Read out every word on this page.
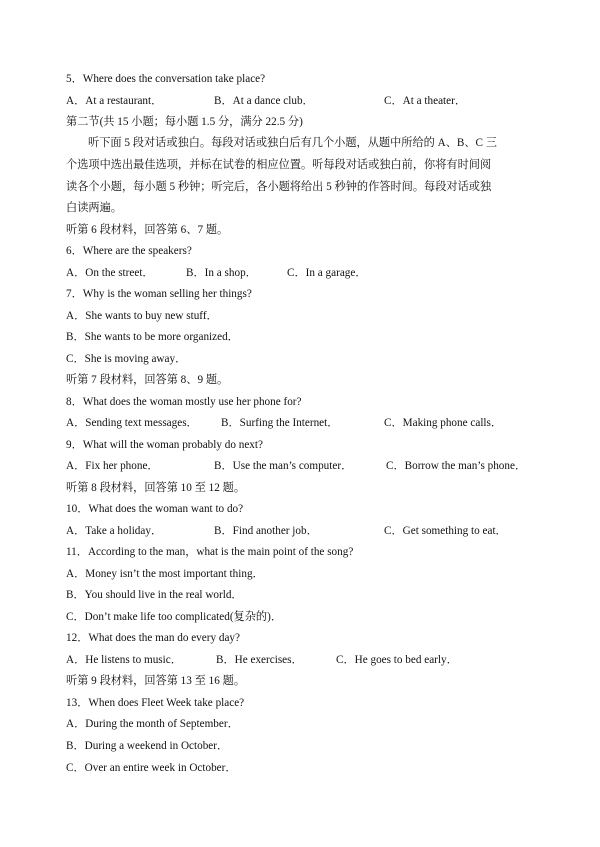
5．Where does the conversation take place?
A．At a restaurant．	B．At a dance club．	C．At a theater．
第二节(共 15 小题；每小题 1.5 分，满分 22.5 分)
听下面 5 段对话或独白。每段对话或独白后有几个小题，从题中所给的 A、B、C 三
个选项中选出最佳选项，并标在试卷的相应位置。听每段对话或独白前，你将有时间阅
读各个小题，每小题 5 秒钟；听完后，各小题将给出 5 秒钟的作答时间。每段对话或独
白读两遍。
听第 6 段材料，回答第 6、7 题。
6．Where are the speakers?
A．On the street．	B．In a shop．	C．In a garage．
7．Why is the woman selling her things?
A．She wants to buy new stuff．
B．She wants to be more organized．
C．She is moving away．
听第 7 段材料，回答第 8、9 题。
8．What does the woman mostly use her phone for?
A．Sending text messages． B．Surfing the Internet．	C．Making phone calls．
9．What will the woman probably do next?
A．Fix her phone．	B．Use the man’s computer．	C．Borrow the man’s phone．
听第 8 段材料，回答第 10 至 12 题。
10．What does the woman want to do?
A．Take a holiday．	B．Find another job．	C．Get something to eat．
11．According to the man，what is the main point of the song?
A．Money isn’t the most important thing．
B．You should live in the real world．
C．Don’t make life too complicated(复杂的)．
12．What does the man do every day?
A．He listens to music．	B．He exercises．	C．He goes to bed early．
听第 9 段材料，回答第 13 至 16 题。
13．When does Fleet Week take place?
A．During the month of September．
B．During a weekend in October．
C．Over an entire week in October．
